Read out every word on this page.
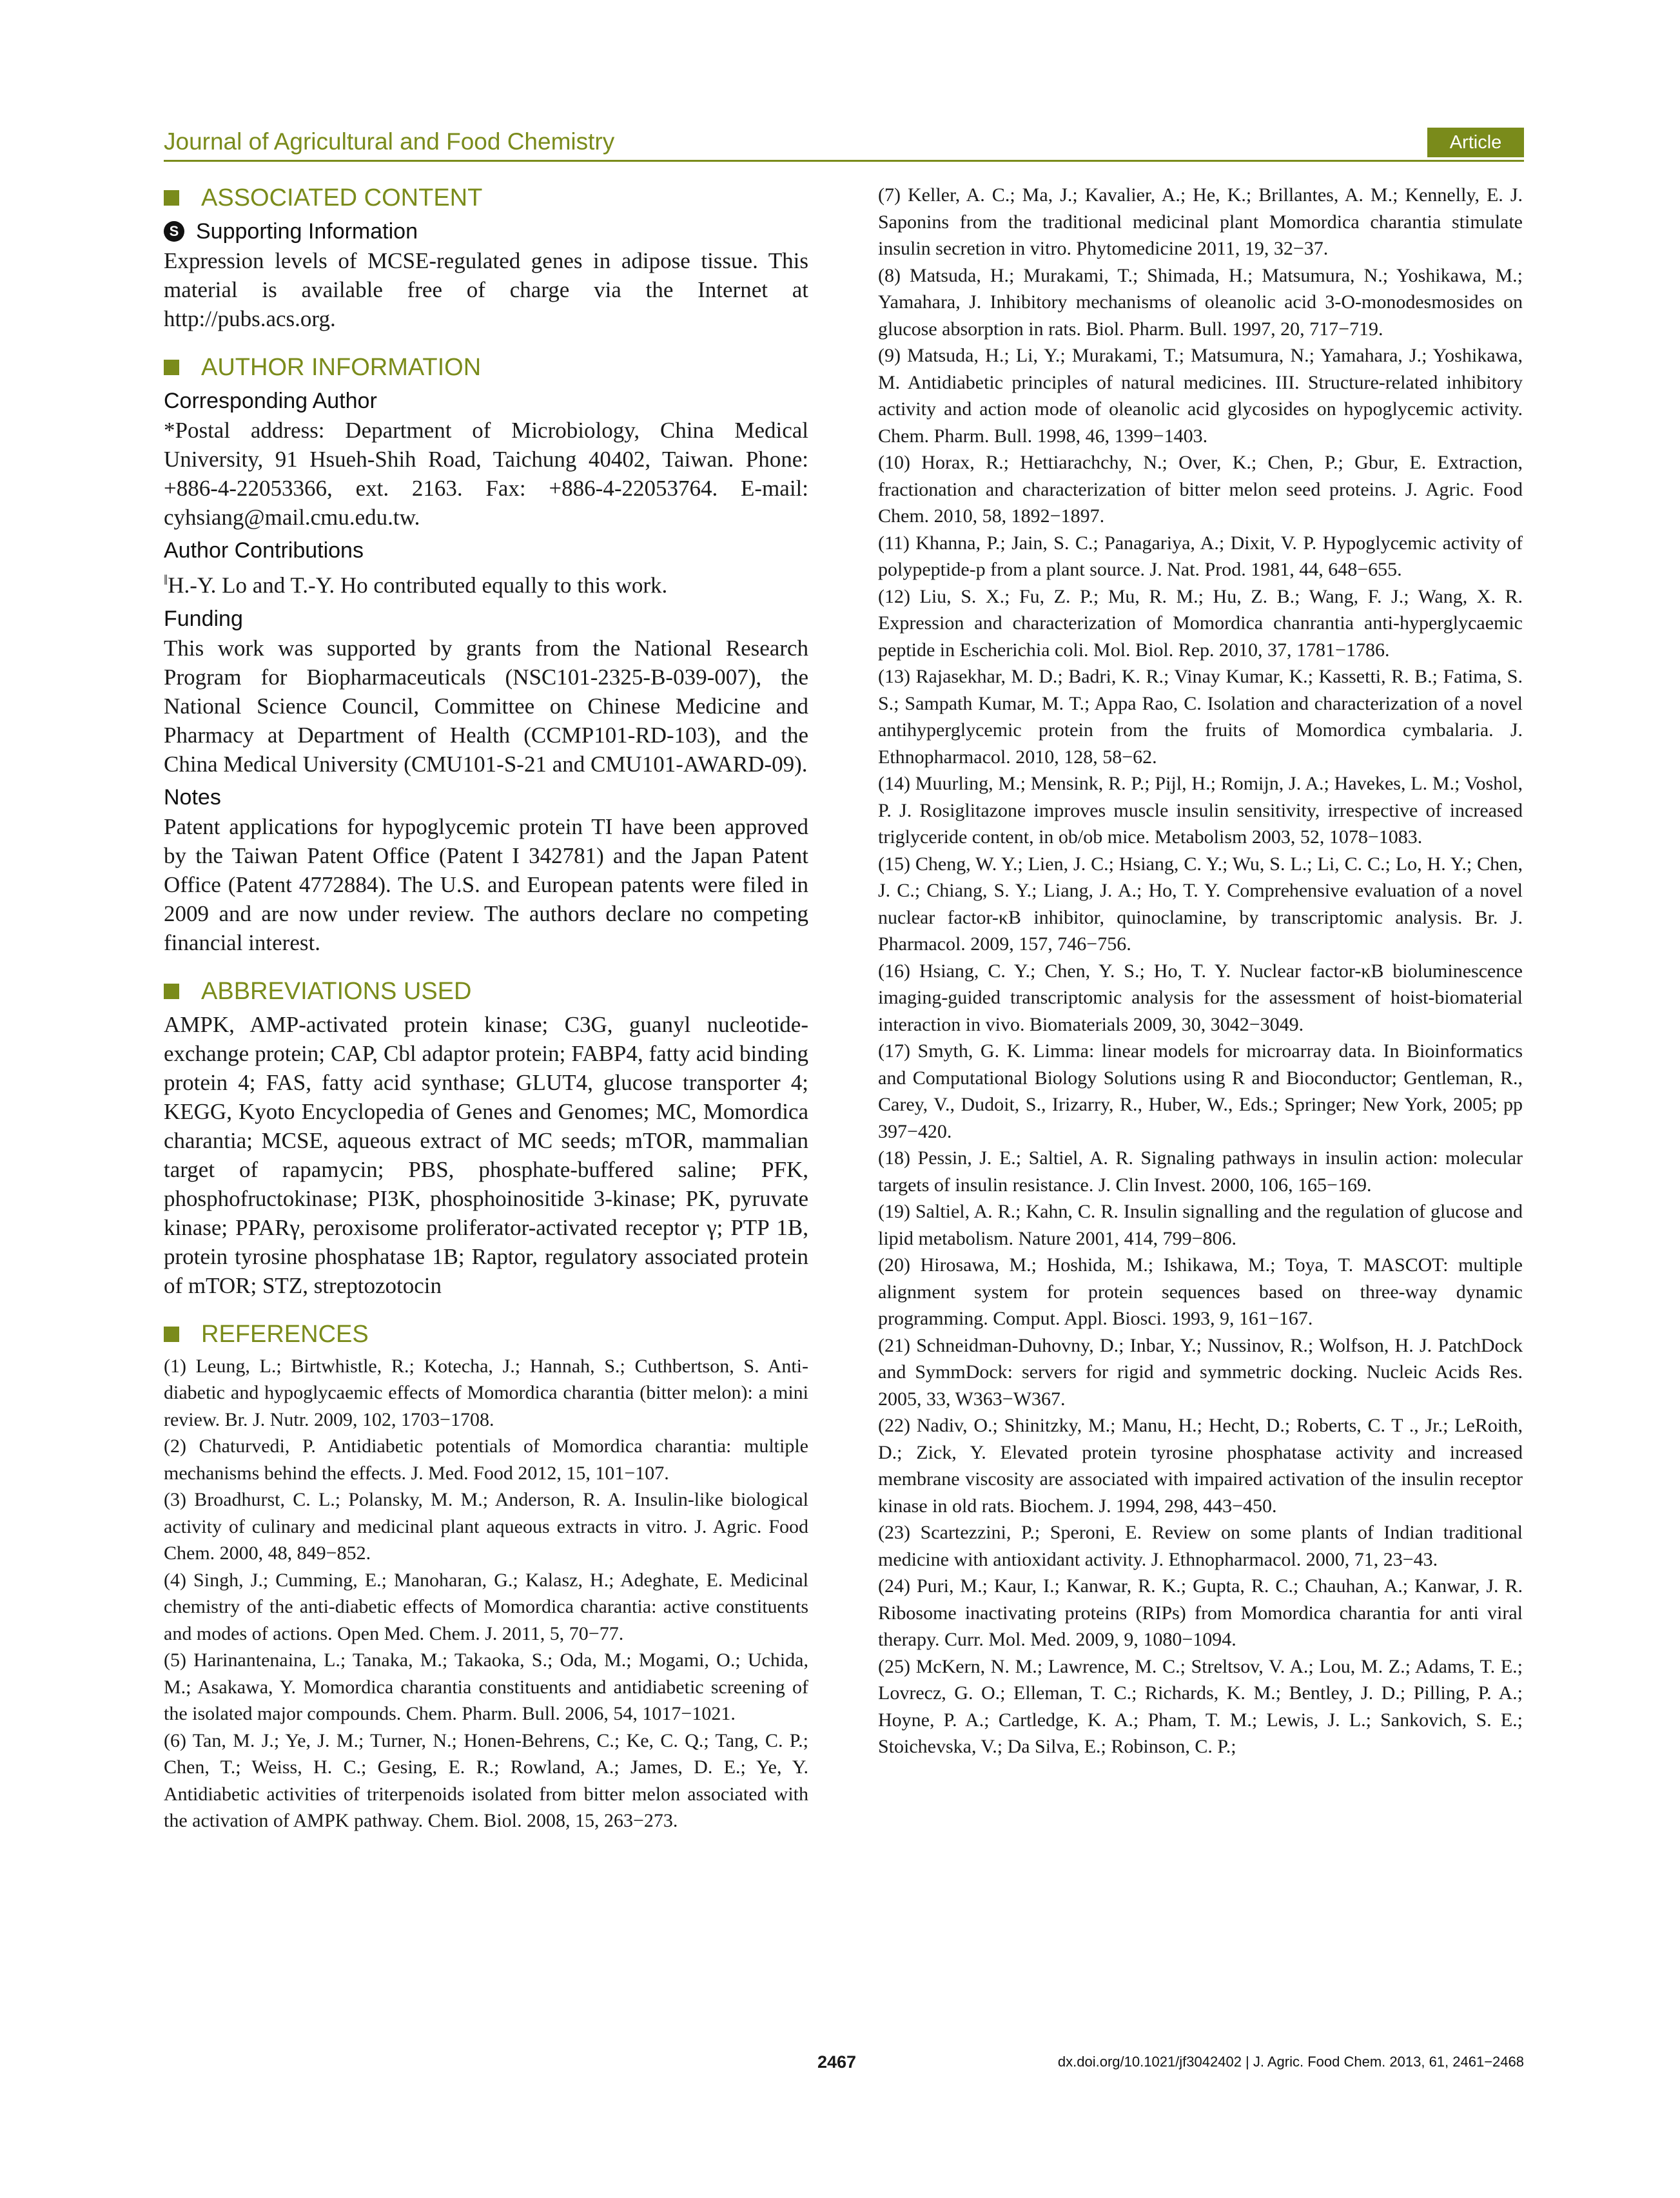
Journal of Agricultural and Food Chemistry	Article
ASSOCIATED CONTENT
S Supporting Information

Expression levels of MCSE-regulated genes in adipose tissue. This material is available free of charge via the Internet at http://pubs.acs.org.

AUTHOR INFORMATION
Corresponding Author

*Postal address: Department of Microbiology, China Medical University, 91 Hsueh-Shih Road, Taichung 40402, Taiwan. Phone: +886-4-22053366, ext. 2163. Fax: +886-4-22053764. E-mail: cyhsiang@mail.cmu.edu.tw.

Author Contributions

‖H.-Y. Lo and T.-Y. Ho contributed equally to this work.

Funding

This work was supported by grants from the National Research Program for Biopharmaceuticals (NSC101-2325-B-039-007), the National Science Council, Committee on Chinese Medicine and Pharmacy at Department of Health (CCMP101-RD-103), and the China Medical University (CMU101-S-21 and CMU101-AWARD-09).

Notes

Patent applications for hypoglycemic protein TI have been approved by the Taiwan Patent Office (Patent I 342781) and the Japan Patent Office (Patent 4772884). The U.S. and European patents were filed in 2009 and are now under review. The authors declare no competing financial interest.

ABBREVIATIONS USED

AMPK, AMP-activated protein kinase; C3G, guanyl nucleotide-exchange protein; CAP, Cbl adaptor protein; FABP4, fatty acid binding protein 4; FAS, fatty acid synthase; GLUT4, glucose transporter 4; KEGG, Kyoto Encyclopedia of Genes and Genomes; MC, Momordica charantia; MCSE, aqueous extract of MC seeds; mTOR, mammalian target of rapamycin; PBS, phosphate-buffered saline; PFK, phosphofructokinase; PI3K, phosphoinositide 3-kinase; PK, pyruvate kinase; PPARγ, peroxisome proliferator-activated receptor γ; PTP 1B, protein tyrosine phosphatase 1B; Raptor, regulatory associated protein of mTOR; STZ, streptozotocin

REFERENCES

(1) Leung, L.; Birtwhistle, R.; Kotecha, J.; Hannah, S.; Cuthbertson, S. Anti-diabetic and hypoglycaemic effects of Momordica charantia (bitter melon): a mini review. Br. J. Nutr. 2009, 102, 1703−1708.

(2) Chaturvedi, P. Antidiabetic potentials of Momordica charantia: multiple mechanisms behind the effects. J. Med. Food 2012, 15, 101−107.

(3) Broadhurst, C. L.; Polansky, M. M.; Anderson, R. A. Insulin-like biological activity of culinary and medicinal plant aqueous extracts in vitro. J. Agric. Food Chem. 2000, 48, 849−852.

(4) Singh, J.; Cumming, E.; Manoharan, G.; Kalasz, H.; Adeghate, E. Medicinal chemistry of the anti-diabetic effects of Momordica charantia: active constituents and modes of actions. Open Med. Chem. J. 2011, 5, 70−77.

(5) Harinantenaina, L.; Tanaka, M.; Takaoka, S.; Oda, M.; Mogami, O.; Uchida, M.; Asakawa, Y. Momordica charantia constituents and antidiabetic screening of the isolated major compounds. Chem. Pharm. Bull. 2006, 54, 1017−1021.

(6) Tan, M. J.; Ye, J. M.; Turner, N.; Honen-Behrens, C.; Ke, C. Q.; Tang, C. P.; Chen, T.; Weiss, H. C.; Gesing, E. R.; Rowland, A.; James, D. E.; Ye, Y. Antidiabetic activities of triterpenoids isolated from bitter melon associated with the activation of AMPK pathway. Chem. Biol. 2008, 15, 263−273.

(7) Keller, A. C.; Ma, J.; Kavalier, A.; He, K.; Brillantes, A. M.; Kennelly, E. J. Saponins from the traditional medicinal plant Momordica charantia stimulate insulin secretion in vitro. Phytomedicine 2011, 19, 32−37.

(8) Matsuda, H.; Murakami, T.; Shimada, H.; Matsumura, N.; Yoshikawa, M.; Yamahara, J. Inhibitory mechanisms of oleanolic acid 3-O-monodesmosides on glucose absorption in rats. Biol. Pharm. Bull. 1997, 20, 717−719.

(9) Matsuda, H.; Li, Y.; Murakami, T.; Matsumura, N.; Yamahara, J.; Yoshikawa, M. Antidiabetic principles of natural medicines. III. Structure-related inhibitory activity and action mode of oleanolic acid glycosides on hypoglycemic activity. Chem. Pharm. Bull. 1998, 46, 1399−1403.

(10) Horax, R.; Hettiarachchy, N.; Over, K.; Chen, P.; Gbur, E. Extraction, fractionation and characterization of bitter melon seed proteins. J. Agric. Food Chem. 2010, 58, 1892−1897.

(11) Khanna, P.; Jain, S. C.; Panagariya, A.; Dixit, V. P. Hypoglycemic activity of polypeptide-p from a plant source. J. Nat. Prod. 1981, 44, 648−655.

(12) Liu, S. X.; Fu, Z. P.; Mu, R. M.; Hu, Z. B.; Wang, F. J.; Wang, X. R. Expression and characterization of Momordica chanrantia anti-hyperglycaemic peptide in Escherichia coli. Mol. Biol. Rep. 2010, 37, 1781−1786.

(13) Rajasekhar, M. D.; Badri, K. R.; Vinay Kumar, K.; Kassetti, R. B.; Fatima, S. S.; Sampath Kumar, M. T.; Appa Rao, C. Isolation and characterization of a novel antihyperglycemic protein from the fruits of Momordica cymbalaria. J. Ethnopharmacol. 2010, 128, 58−62.

(14) Muurling, M.; Mensink, R. P.; Pijl, H.; Romijn, J. A.; Havekes, L. M.; Voshol, P. J. Rosiglitazone improves muscle insulin sensitivity, irrespective of increased triglyceride content, in ob/ob mice. Metabolism 2003, 52, 1078−1083.

(15) Cheng, W. Y.; Lien, J. C.; Hsiang, C. Y.; Wu, S. L.; Li, C. C.; Lo, H. Y.; Chen, J. C.; Chiang, S. Y.; Liang, J. A.; Ho, T. Y. Comprehensive evaluation of a novel nuclear factor-κB inhibitor, quinoclamine, by transcriptomic analysis. Br. J. Pharmacol. 2009, 157, 746−756.

(16) Hsiang, C. Y.; Chen, Y. S.; Ho, T. Y. Nuclear factor-κB bioluminescence imaging-guided transcriptomic analysis for the assessment of hoist-biomaterial interaction in vivo. Biomaterials 2009, 30, 3042−3049.

(17) Smyth, G. K. Limma: linear models for microarray data. In Bioinformatics and Computational Biology Solutions using R and Bioconductor; Gentleman, R., Carey, V., Dudoit, S., Irizarry, R., Huber, W., Eds.; Springer; New York, 2005; pp 397−420.

(18) Pessin, J. E.; Saltiel, A. R. Signaling pathways in insulin action: molecular targets of insulin resistance. J. Clin Invest. 2000, 106, 165−169.

(19) Saltiel, A. R.; Kahn, C. R. Insulin signalling and the regulation of glucose and lipid metabolism. Nature 2001, 414, 799−806.

(20) Hirosawa, M.; Hoshida, M.; Ishikawa, M.; Toya, T. MASCOT: multiple alignment system for protein sequences based on three-way dynamic programming. Comput. Appl. Biosci. 1993, 9, 161−167.

(21) Schneidman-Duhovny, D.; Inbar, Y.; Nussinov, R.; Wolfson, H. J. PatchDock and SymmDock: servers for rigid and symmetric docking. Nucleic Acids Res. 2005, 33, W363−W367.

(22) Nadiv, O.; Shinitzky, M.; Manu, H.; Hecht, D.; Roberts, C. T ., Jr.; LeRoith, D.; Zick, Y. Elevated protein tyrosine phosphatase activity and increased membrane viscosity are associated with impaired activation of the insulin receptor kinase in old rats. Biochem. J. 1994, 298, 443−450.

(23) Scartezzini, P.; Speroni, E. Review on some plants of Indian traditional medicine with antioxidant activity. J. Ethnopharmacol. 2000, 71, 23−43.

(24) Puri, M.; Kaur, I.; Kanwar, R. K.; Gupta, R. C.; Chauhan, A.; Kanwar, J. R. Ribosome inactivating proteins (RIPs) from Momordica charantia for anti viral therapy. Curr. Mol. Med. 2009, 9, 1080−1094.

(25) McKern, N. M.; Lawrence, M. C.; Streltsov, V. A.; Lou, M. Z.; Adams, T. E.; Lovrecz, G. O.; Elleman, T. C.; Richards, K. M.; Bentley, J. D.; Pilling, P. A.; Hoyne, P. A.; Cartledge, K. A.; Pham, T. M.; Lewis, J. L.; Sankovich, S. E.; Stoichevska, V.; Da Silva, E.; Robinson, C. P.;

2467	dx.doi.org/10.1021/jf3042402 | J. Agric. Food Chem. 2013, 61, 2461−2468
